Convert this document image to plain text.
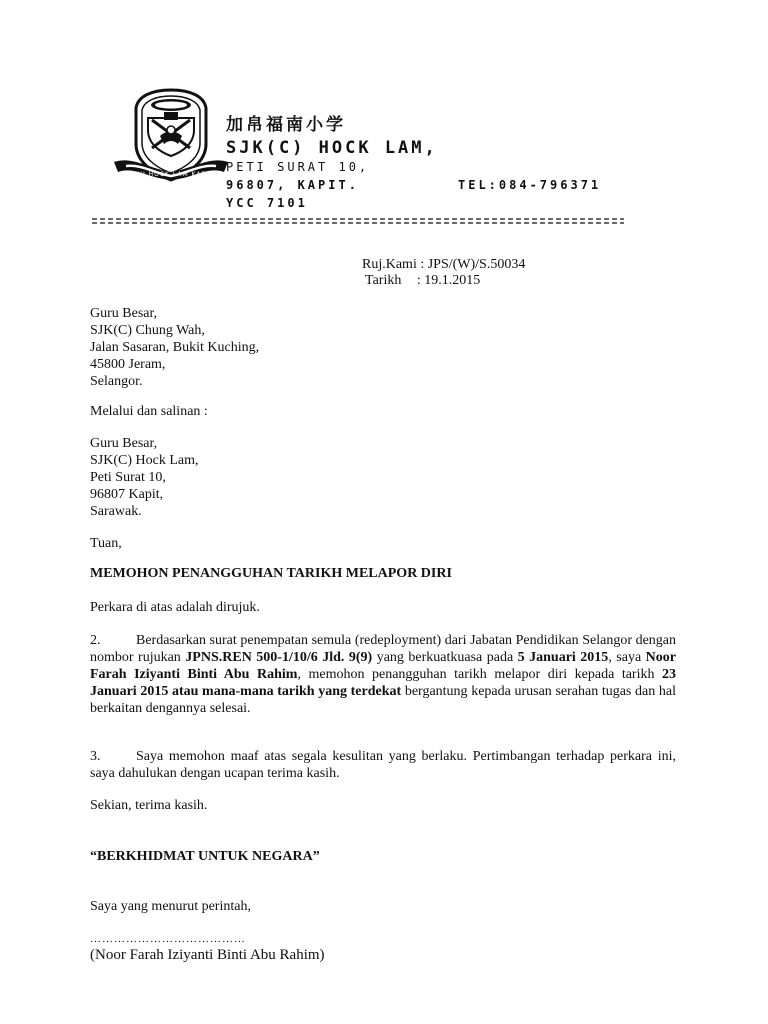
SHU HOCK LAM KAPIT
加帛福南小学
SJK(C) HOCK LAM,
PETI SURAT 10,
96807, KAPIT.	TEL:084-796371
YCC 7101
Ruj.Kami : JPS/(W)/S.50034
Tarikh : 19.1.2015
Guru Besar,
SJK(C) Chung Wah,
Jalan Sasaran, Bukit Kuching,
45800 Jeram,
Selangor.
Melalui dan salinan :
Guru Besar,
SJK(C) Hock Lam,
Peti Surat 10,
96807 Kapit,
Sarawak.
Tuan,
MEMOHON PENANGGUHAN TARIKH MELAPOR DIRI
Perkara di atas adalah dirujuk.
2.	Berdasarkan surat penempatan semula (redeployment) dari Jabatan Pendidikan Selangor dengan nombor rujukan JPNS.REN 500-1/10/6 Jld. 9(9) yang berkuatkuasa pada 5 Januari 2015, saya Noor Farah Iziyanti Binti Abu Rahim, memohon penangguhan tarikh melapor diri kepada tarikh 23 Januari 2015 atau mana-mana tarikh yang terdekat bergantung kepada urusan serahan tugas dan hal berkaitan dengannya selesai.
3.	Saya memohon maaf atas segala kesulitan yang berlaku. Pertimbangan terhadap perkara ini, saya dahulukan dengan ucapan terima kasih.
Sekian, terima kasih.
“BERKHIDMAT UNTUK NEGARA”
Saya yang menurut perintah,
…………………………………
(Noor Farah Iziyanti Binti Abu Rahim)
